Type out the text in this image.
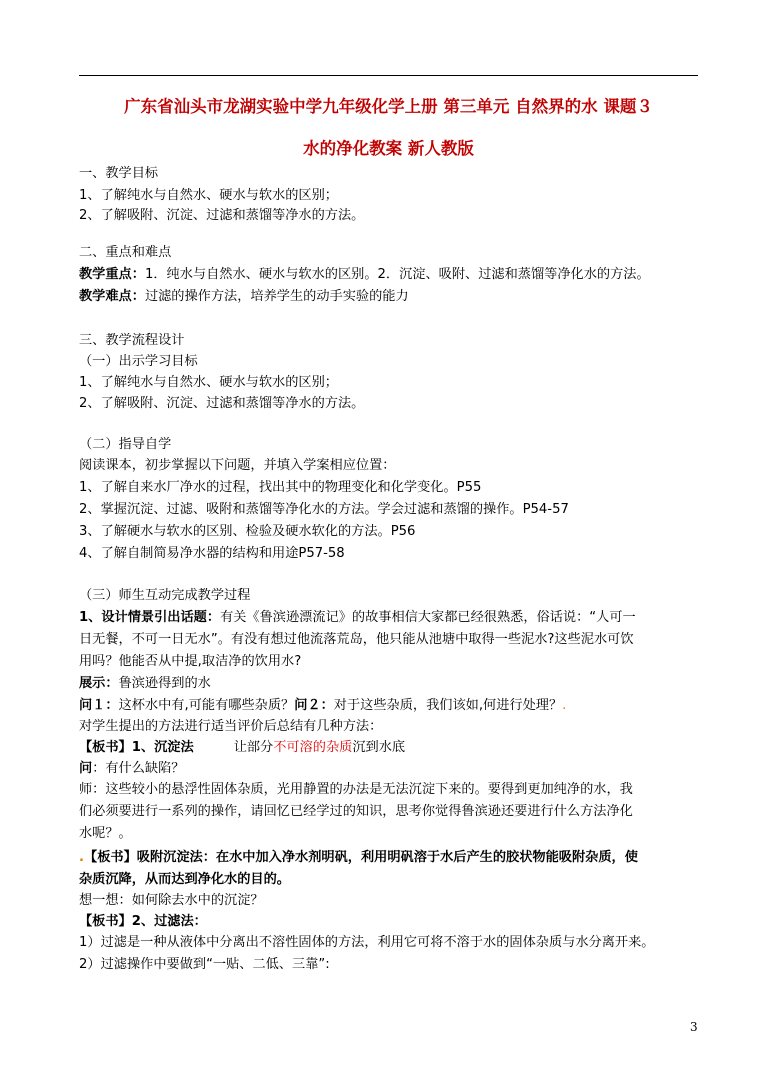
广东省汕头市龙湖实验中学九年级化学上册 第三单元 自然界的水 课题３
水的净化教案 新人教版
一、教学目标
1、了解纯水与自然水、硬水与软水的区别；
2、了解吸附、沉淀、过滤和蒸馏等净水的方法。
二、重点和难点
教学重点：1．纯水与自然水、硬水与软水的区别。2．沉淀、吸附、过滤和蒸馏等净化水的方法。
教学难点：过滤的操作方法，培养学生的动手实验的能力
三、教学流程设计
（一）出示学习目标
1、了解纯水与自然水、硬水与软水的区别；
2、了解吸附、沉淀、过滤和蒸馏等净水的方法。
（二）指导自学
阅读课本，初步掌握以下问题，并填入学案相应位置：
1、了解自来水厂净水的过程，找出其中的物理变化和化学变化。P55
2、掌握沉淀、过滤、吸附和蒸馏等净化水的方法。学会过滤和蒸馏的操作。P54-57
3、了解硬水与软水的区别、检验及硬水软化的方法。P56
4、了解自制简易净水器的结构和用途P57-58
（三）师生互动完成教学过程
1、设计情景引出话题：有关《鲁滨逊漂流记》的故事相信大家都已经很熟悉，俗话说：“人可一
日无餐，不可一日无水”。有没有想过他流落荒岛，他只能从池塘中取得一些泥水?这些泥水可饮
用吗？他能否从中提,取洁净的饮用水?
展示：鲁滨逊得到的水
问１：这杯水中有,可能有哪些杂质？问２：对于这些杂质，我们该如,何进行处理？.
对学生提出的方法进行适当评价后总结有几种方法：
【板书】1、沉淀法	让部分不可溶的杂质沉到水底
问：有什么缺陷？
师：这些较小的悬浮性固体杂质，光用静置的办法是无法沉淀下来的。要得到更加纯净的水，我
们必须要进行一系列的操作，请回忆已经学过的知识，思考你觉得鲁滨逊还要进行什么方法净化
水呢？。
.【板书】吸附沉淀法：在水中加入净水剂明矾，利用明矾溶于水后产生的胶状物能吸附杂质，使
杂质沉降，从而达到净化水的目的。
想一想：如何除去水中的沉淀？
【板书】2、过滤法：
1）过滤是一种从液体中分离出不溶性固体的方法，利用它可将不溶于水的固体杂质与水分离开来。
2）过滤操作中要做到“一贴、二低、三靠”:
3
